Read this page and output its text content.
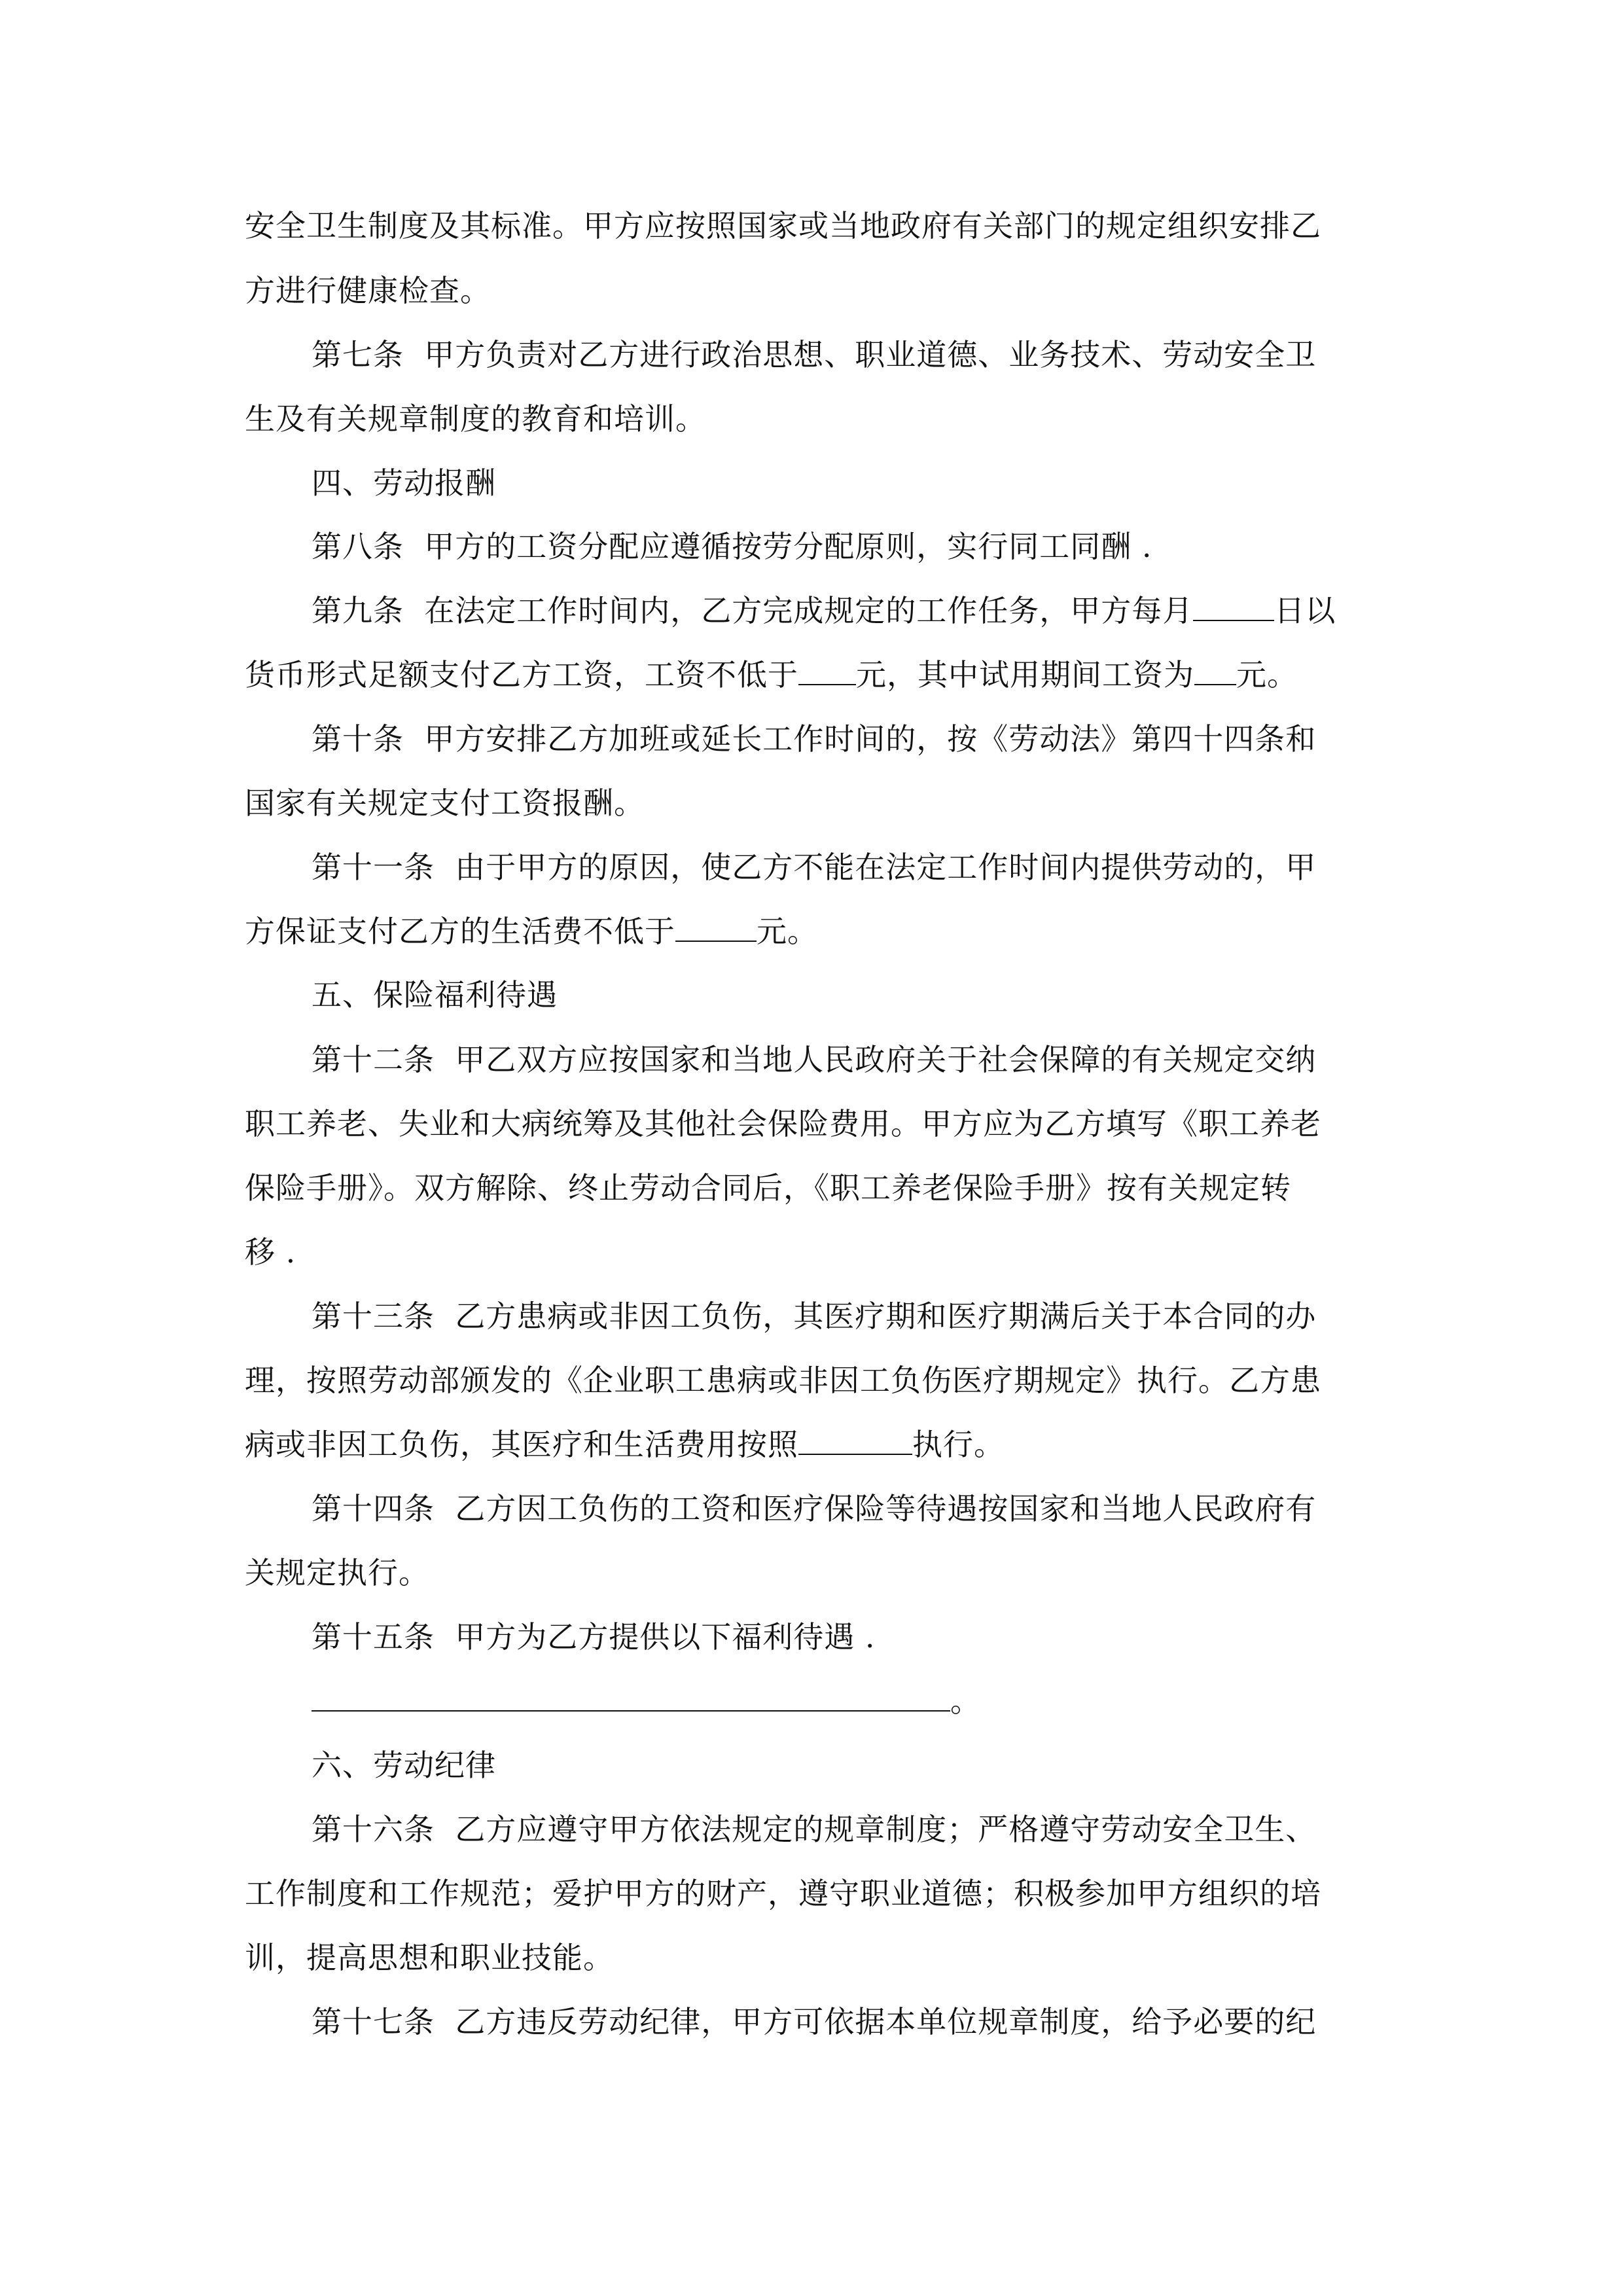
安全卫生制度及其标准。甲方应按照国家或当地政府有关部门的规定组织安排乙
方进行健康检查。
第七条  甲方负责对乙方进行政治思想、职业道德、业务技术、劳动安全卫
生及有关规章制度的教育和培训。
四、劳动报酬
第八条  甲方的工资分配应遵循按劳分配原则，实行同工同酬 .
第九条  在法定工作时间内，乙方完成规定的工作任务，甲方每月	日以
货币形式足额支付乙方工资，工资不低于 元，其中试用期间工资为 元。
第十条  甲方安排乙方加班或延长工作时间的，按《劳动法》第四十四条和
国家有关规定支付工资报酬。
第十一条  由于甲方的原因，使乙方不能在法定工作时间内提供劳动的，甲
方保证支付乙方的生活费不低于	元。
五、保险福利待遇
第十二条  甲乙双方应按国家和当地人民政府关于社会保障的有关规定交纳
职工养老、失业和大病统筹及其他社会保险费用。甲方应为乙方填写《职工养老
保险手册》。双方解除、终止劳动合同后，《职工养老保险手册》按有关规定转
移 .
第十三条  乙方患病或非因工负伤，其医疗期和医疗期满后关于本合同的办
理，按照劳动部颁发的《企业职工患病或非因工负伤医疗期规定》执行。乙方患
病或非因工负伤，其医疗和生活费用按照	执行。
第十四条  乙方因工负伤的工资和医疗保险等待遇按国家和当地人民政府有
关规定执行。
第十五条  甲方为乙方提供以下福利待遇 .
。
六、劳动纪律
第十六条  乙方应遵守甲方依法规定的规章制度；严格遵守劳动安全卫生、
工作制度和工作规范；爱护甲方的财产，遵守职业道德；积极参加甲方组织的培
训，提高思想和职业技能。
第十七条  乙方违反劳动纪律，甲方可依据本单位规章制度，给予必要的纪
